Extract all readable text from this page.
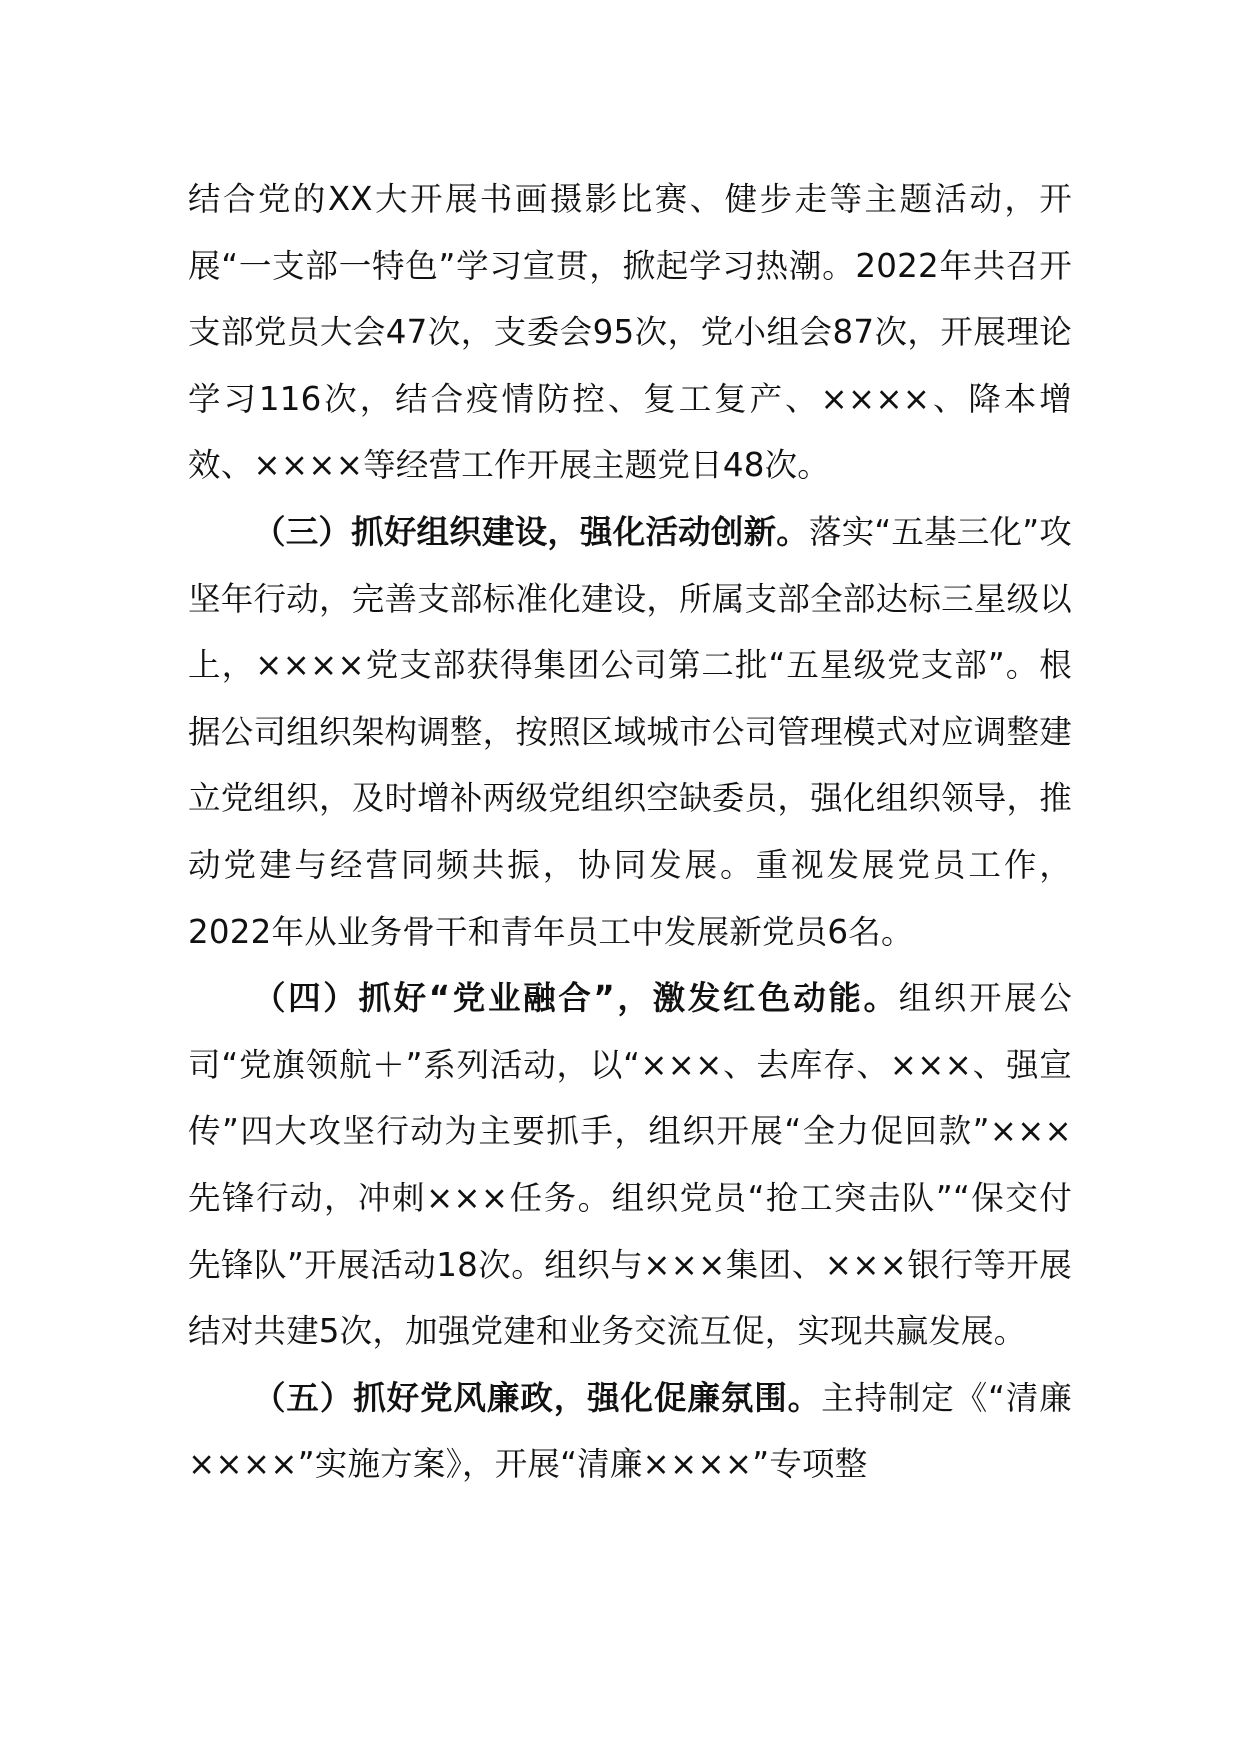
结合党的XX大开展书画摄影比赛、健步走等主题活动，开展“一支部一特色”学习宣贯，掀起学习热潮。2022年共召开支部党员大会47次，支委会95次，党小组会87次，开展理论学习116次，结合疫情防控、复工复产、××××、降本增效、××××等经营工作开展主题党日48次。

（三）抓好组织建设，强化活动创新。落实“五基三化”攻坚年行动，完善支部标准化建设，所属支部全部达标三星级以上，××××党支部获得集团公司第二批“五星级党支部”。根据公司组织架构调整，按照区域城市公司管理模式对应调整建立党组织，及时增补两级党组织空缺委员，强化组织领导，推动党建与经营同频共振，协同发展。重视发展党员工作，2022年从业务骨干和青年员工中发展新党员6名。

（四）抓好“党业融合”，激发红色动能。组织开展公司“党旗领航＋”系列活动，以“×××、去库存、×××、强宣传”四大攻坚行动为主要抓手，组织开展“全力促回款”×××先锋行动，冲刺×××任务。组织党员“抢工突击队”“保交付先锋队”开展活动18次。组织与×××集团、×××银行等开展结对共建5次，加强党建和业务交流互促，实现共赢发展。

（五）抓好党风廉政，强化促廉氛围。主持制定《“清廉××××”实施方案》，开展“清廉××××”专项整
